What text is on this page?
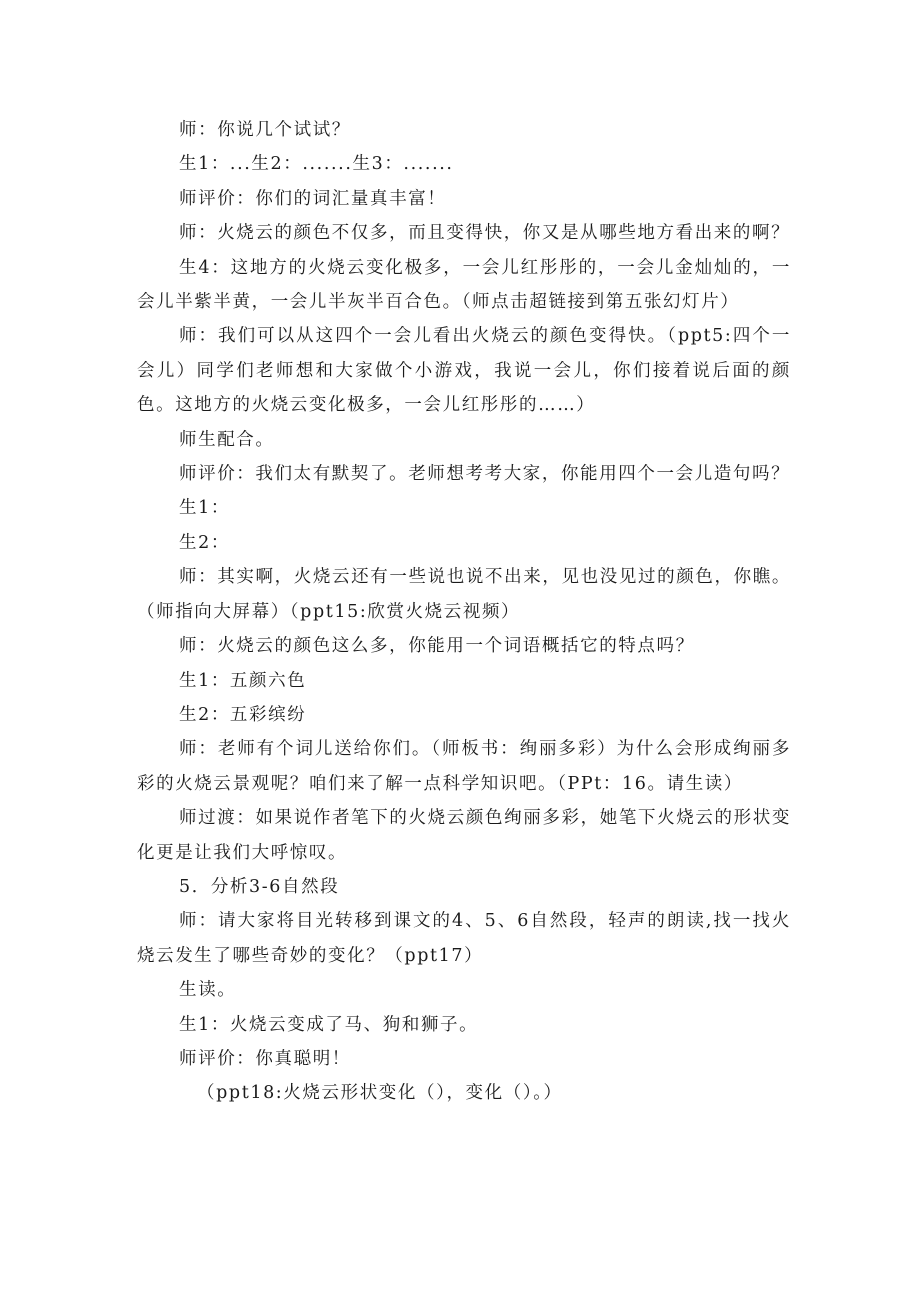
师：你说几个试试？

生1：...生2：.......生3：.......

师评价：你们的词汇量真丰富！

师：火烧云的颜色不仅多，而且变得快，你又是从哪些地方看出来的啊？

生4：这地方的火烧云变化极多，一会儿红彤彤的，一会儿金灿灿的，一会儿半紫半黄，一会儿半灰半百合色。（师点击超链接到第五张幻灯片）

师：我们可以从这四个一会儿看出火烧云的颜色变得快。（ppt5:四个一会儿）同学们老师想和大家做个小游戏，我说一会儿，你们接着说后面的颜色。这地方的火烧云变化极多，一会儿红彤彤的……）

师生配合。

师评价：我们太有默契了。老师想考考大家，你能用四个一会儿造句吗？

生1：

生2：

师：其实啊，火烧云还有一些说也说不出来，见也没见过的颜色，你瞧。（师指向大屏幕）（ppt15:欣赏火烧云视频）

师：火烧云的颜色这么多，你能用一个词语概括它的特点吗？

生1：五颜六色

生2：五彩缤纷

师：老师有个词儿送给你们。（师板书：绚丽多彩）为什么会形成绚丽多彩的火烧云景观呢？咱们来了解一点科学知识吧。（PPt：16。请生读）

师过渡：如果说作者笔下的火烧云颜色绚丽多彩，她笔下火烧云的形状变化更是让我们大呼惊叹。

5．分析3-6自然段

师：请大家将目光转移到课文的4、5、6自然段，轻声的朗读,找一找火烧云发生了哪些奇妙的变化？（ppt17）

生读。

生1：火烧云变成了马、狗和狮子。

师评价：你真聪明！

（ppt18:火烧云形状变化（），变化（）。）
